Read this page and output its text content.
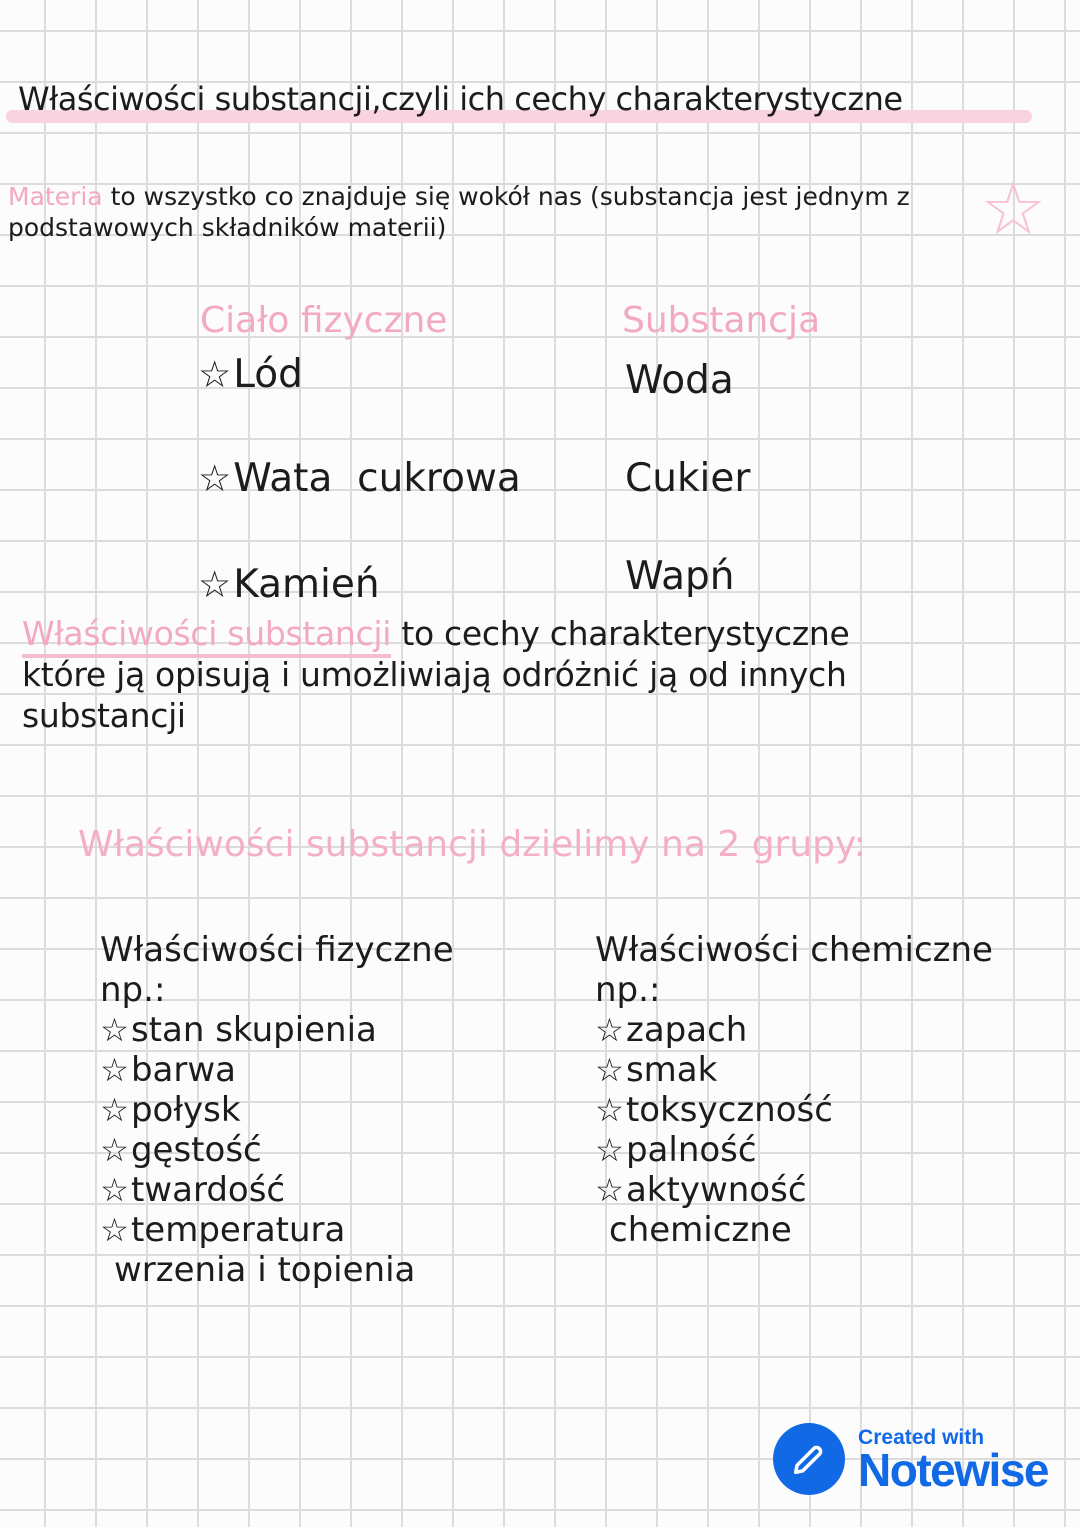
Właściwości substancji,czyli ich cechy charakterystyczne

Materia to wszystko co znajduje się wokół nas (substancja jest jednym z
podstawowych składników materii)	☆
Ciało fizyczne	Substancja
☆Lód	Woda
☆Wata  cukrowa	Cukier
☆Kamień	Wapń

Właściwości substancji to cechy charakterystyczne
które ją opisują i umożliwiają odróżnić ją od innych
substancji

Właściwości substancji dzielimy na 2 grupy:
Właściwości fizyczne
np.:
☆stan skupienia
☆barwa
☆połysk
☆gęstość
☆twardość
☆temperatura
wrzenia i topienia
Właściwości chemiczne
np.:
☆zapach
☆smak
☆toksyczność
☆palność
☆aktywność
chemiczne
Created with
Notewise
